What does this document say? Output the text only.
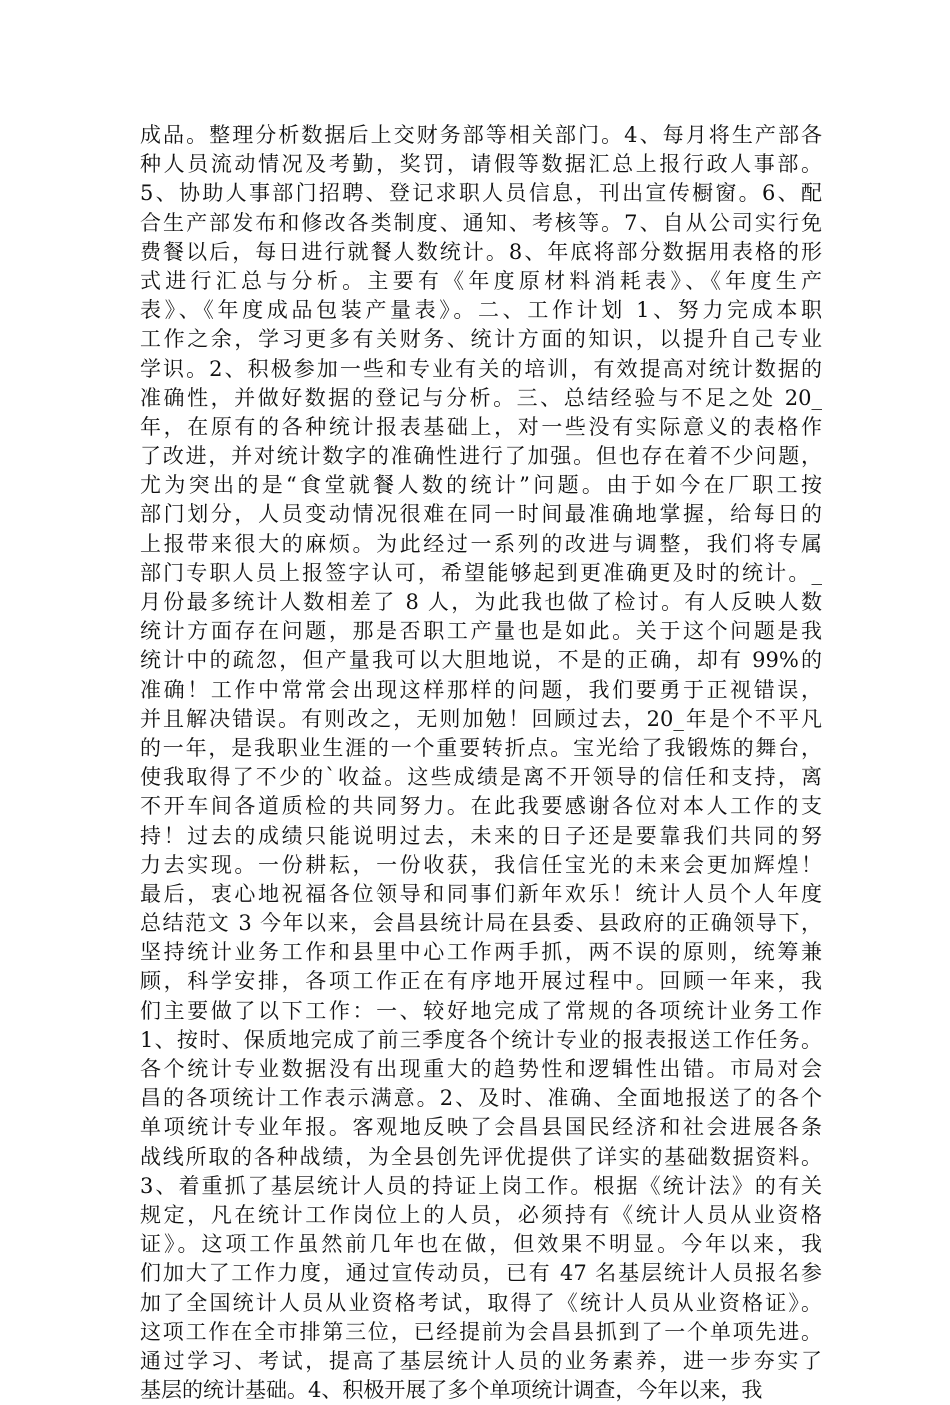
成品。整理分析数据后上交财务部等相关部门。4、每月将生产部各
种人员流动情况及考勤，奖罚，请假等数据汇总上报行政人事部。
5、协助人事部门招聘、登记求职人员信息，刊出宣传橱窗。6、配
合生产部发布和修改各类制度、通知、考核等。7、自从公司实行免
费餐以后，每日进行就餐人数统计。8、年底将部分数据用表格的形
式进行汇总与分析。主要有《年度原材料消耗表》、《年度生产
表》、《年度成品包装产量表》。二、工作计划 1、努力完成本职
工作之余，学习更多有关财务、统计方面的知识，以提升自己专业
学识。2、积极参加一些和专业有关的培训，有效提高对统计数据的
准确性，并做好数据的登记与分析。三、总结经验与不足之处 20_
年，在原有的各种统计报表基础上，对一些没有实际意义的表格作
了改进，并对统计数字的准确性进行了加强。但也存在着不少问题，
尤为突出的是“食堂就餐人数的统计”问题。由于如今在厂职工按
部门划分，人员变动情况很难在同一时间最准确地掌握，给每日的
上报带来很大的麻烦。为此经过一系列的改进与调整，我们将专属
部门专职人员上报签字认可，希望能够起到更准确更及时的统计。_
月份最多统计人数相差了 8 人，为此我也做了检讨。有人反映人数
统计方面存在问题，那是否职工产量也是如此。关于这个问题是我
统计中的疏忽，但产量我可以大胆地说，不是的正确，却有 99%的
准确！工作中常常会出现这样那样的问题，我们要勇于正视错误，
并且解决错误。有则改之，无则加勉！回顾过去，20_年是个不平凡
的一年，是我职业生涯的一个重要转折点。宝光给了我锻炼的舞台，
使我取得了不少的`收益。这些成绩是离不开领导的信任和支持，离
不开车间各道质检的共同努力。在此我要感谢各位对本人工作的支
持！过去的成绩只能说明过去，未来的日子还是要靠我们共同的努
力去实现。一份耕耘，一份收获，我信任宝光的未来会更加辉煌！
最后，衷心地祝福各位领导和同事们新年欢乐！统计人员个人年度
总结范文 3 今年以来，会昌县统计局在县委、县政府的正确领导下，
坚持统计业务工作和县里中心工作两手抓，两不误的原则，统筹兼
顾，科学安排，各项工作正在有序地开展过程中。回顾一年来，我
们主要做了以下工作：一、较好地完成了常规的各项统计业务工作
1、按时、保质地完成了前三季度各个统计专业的报表报送工作任务。
各个统计专业数据没有出现重大的趋势性和逻辑性出错。市局对会
昌的各项统计工作表示满意。2、及时、准确、全面地报送了的各个
单项统计专业年报。客观地反映了会昌县国民经济和社会进展各条
战线所取的各种战绩，为全县创先评优提供了详实的基础数据资料。
3、着重抓了基层统计人员的持证上岗工作。根据《统计法》的有关
规定，凡在统计工作岗位上的人员，必须持有《统计人员从业资格
证》。这项工作虽然前几年也在做，但效果不明显。今年以来，我
们加大了工作力度，通过宣传动员，已有 47 名基层统计人员报名参
加了全国统计人员从业资格考试，取得了《统计人员从业资格证》。
这项工作在全市排第三位，已经提前为会昌县抓到了一个单项先进。
通过学习、考试，提高了基层统计人员的业务素养，进一步夯实了
基层的统计基础。4、积极开展了多个单项统计调查，今年以来，我
